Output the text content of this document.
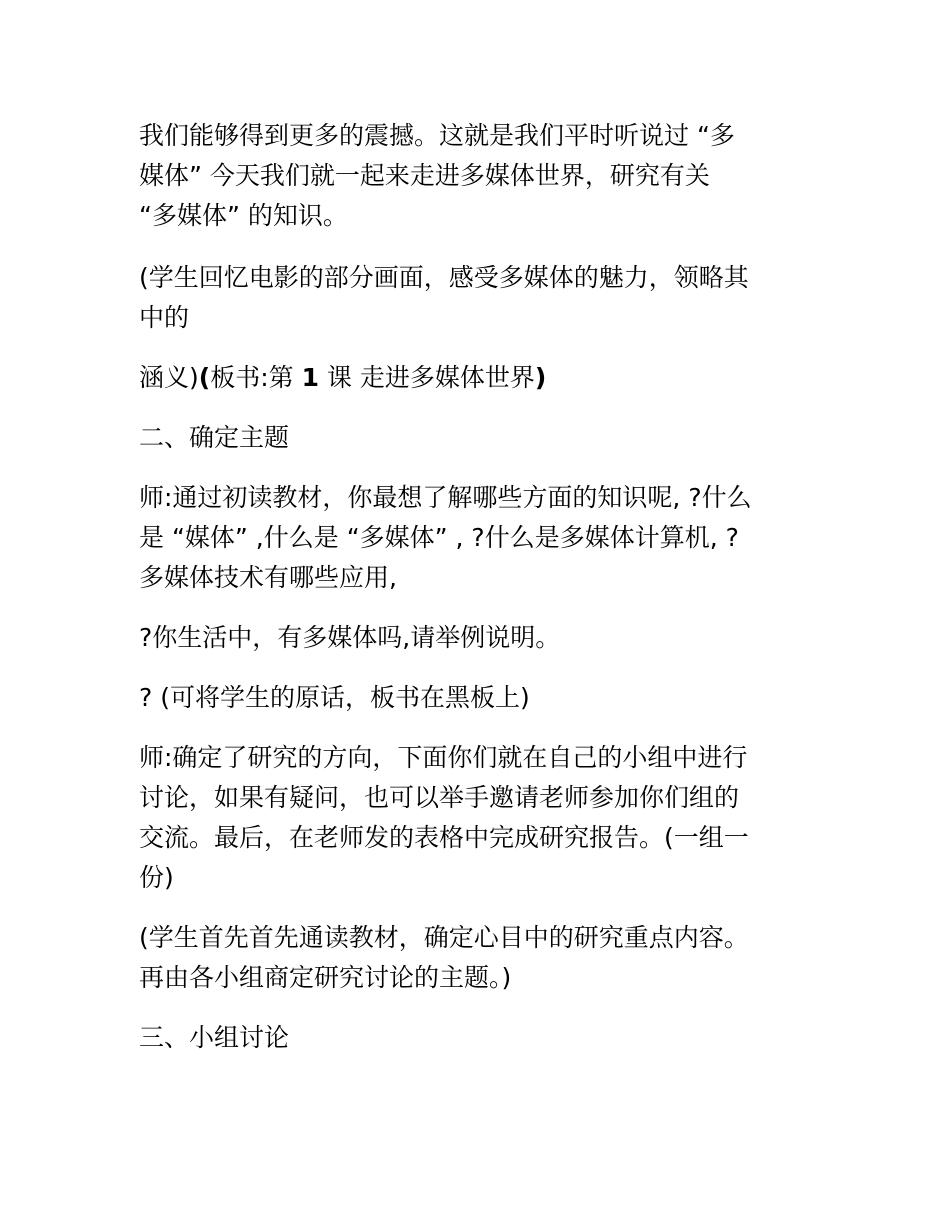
我们能够得到更多的震撼。这就是我们平时听说过 “多
媒体” 今天我们就一起来走进多媒体世界，研究有关
“多媒体” 的知识。

(学生回忆电影的部分画面，感受多媒体的魅力，领略其
中的

涵义)(板书:第 1 课 走进多媒体世界)

二、确定主题

师:通过初读教材，你最想了解哪些方面的知识呢, ?什么
是 “媒体” ,什么是 “多媒体” , ?什么是多媒体计算机, ?
多媒体技术有哪些应用,

?你生活中，有多媒体吗,请举例说明。

? (可将学生的原话，板书在黑板上)

师:确定了研究的方向，下面你们就在自己的小组中进行
讨论，如果有疑问，也可以举手邀请老师参加你们组的
交流。最后，在老师发的表格中完成研究报告。(一组一
份)

(学生首先首先通读教材，确定心目中的研究重点内容。
再由各小组商定研究讨论的主题。)

三、小组讨论
